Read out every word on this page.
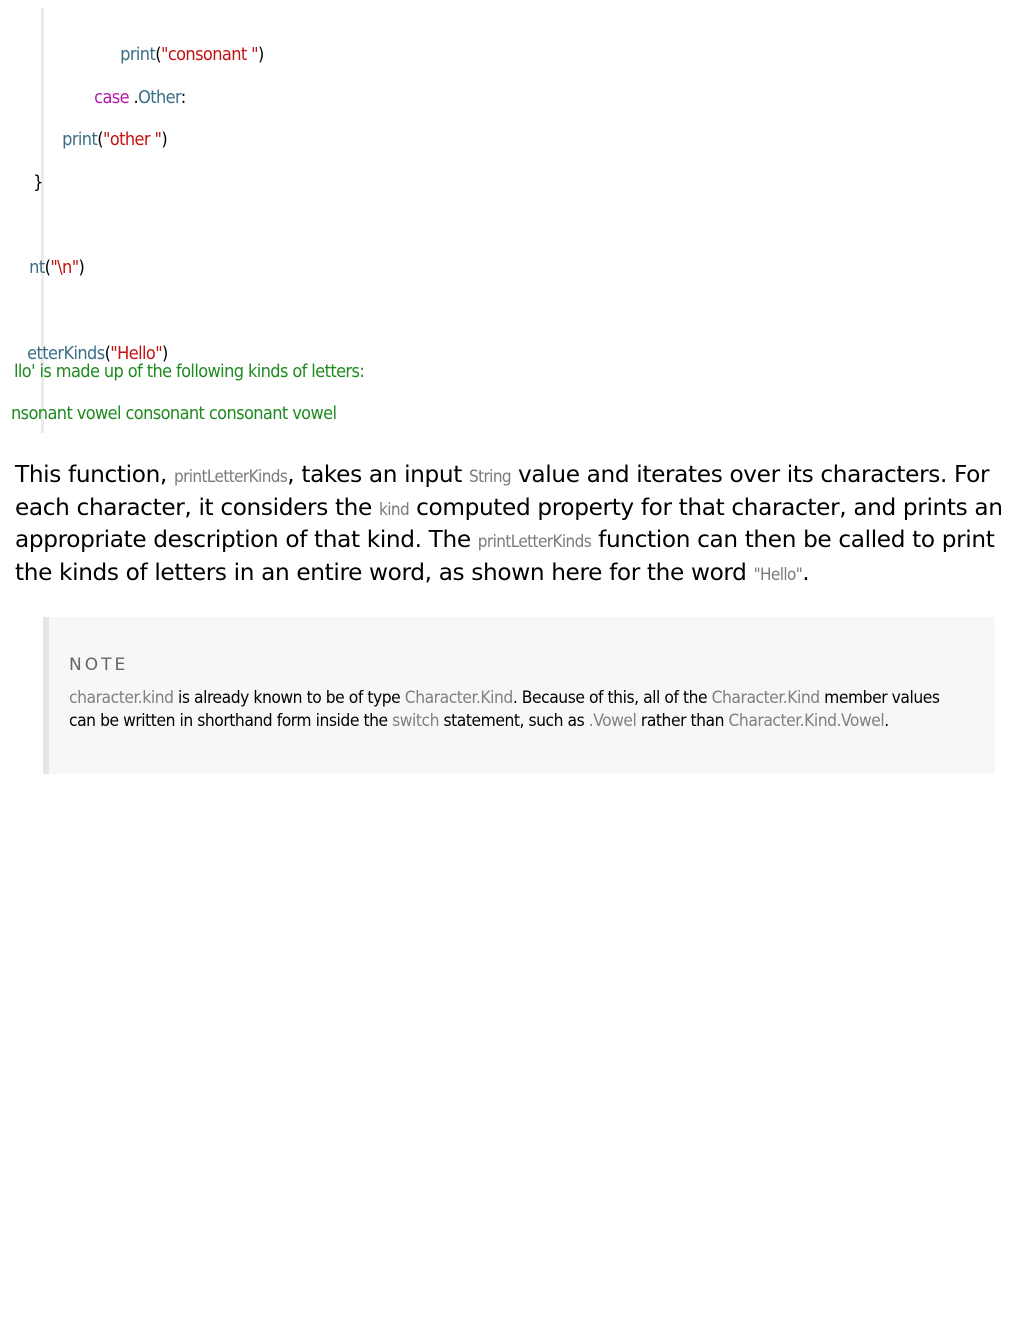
print("consonant ")

case .Other:

print("other ")

}

nt("\n")

etterKinds("Hello")

llo' is made up of the following kinds of letters:
nsonant vowel consonant consonant vowel

This function, printLetterKinds, takes an input String value and iterates over its characters. For each character, it considers the kind computed property for that character, and prints an appropriate description of that kind. The printLetterKinds function can then be called to print the kinds of letters in an entire word, as shown here for the word "Hello".

NOTE
character.kind is already known to be of type Character.Kind. Because of this, all of the Character.Kind member values can be written in shorthand form inside the switch statement, such as .Vowel rather than Character.Kind.Vowel.
